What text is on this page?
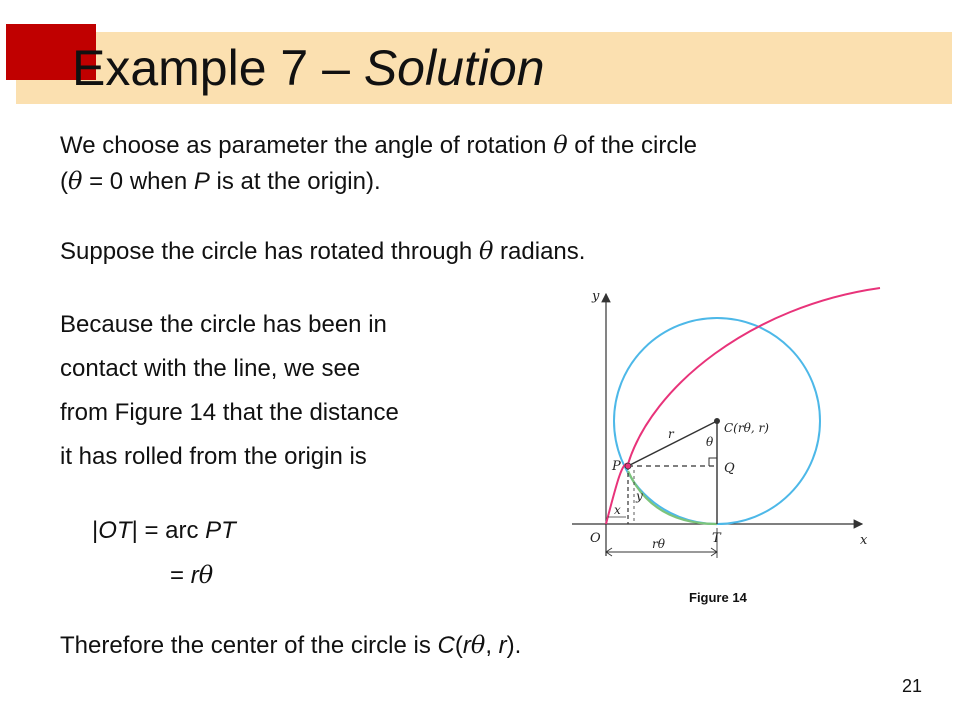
Example 7 – Solution
We choose as parameter the angle of rotation θ of the circle
(θ = 0 when P is at the origin).
Suppose the circle has rotated through θ radians.
Because the circle has been in
contact with the line, we see
from Figure 14 that the distance
it has rolled from the origin is
|OT| = arc PT
= rθ
Therefore the center of the circle is C(rθ, r).
y
x
O	T
P	Q
C(rθ, r)
r
θ
x
y
rθ
Figure 14
21
